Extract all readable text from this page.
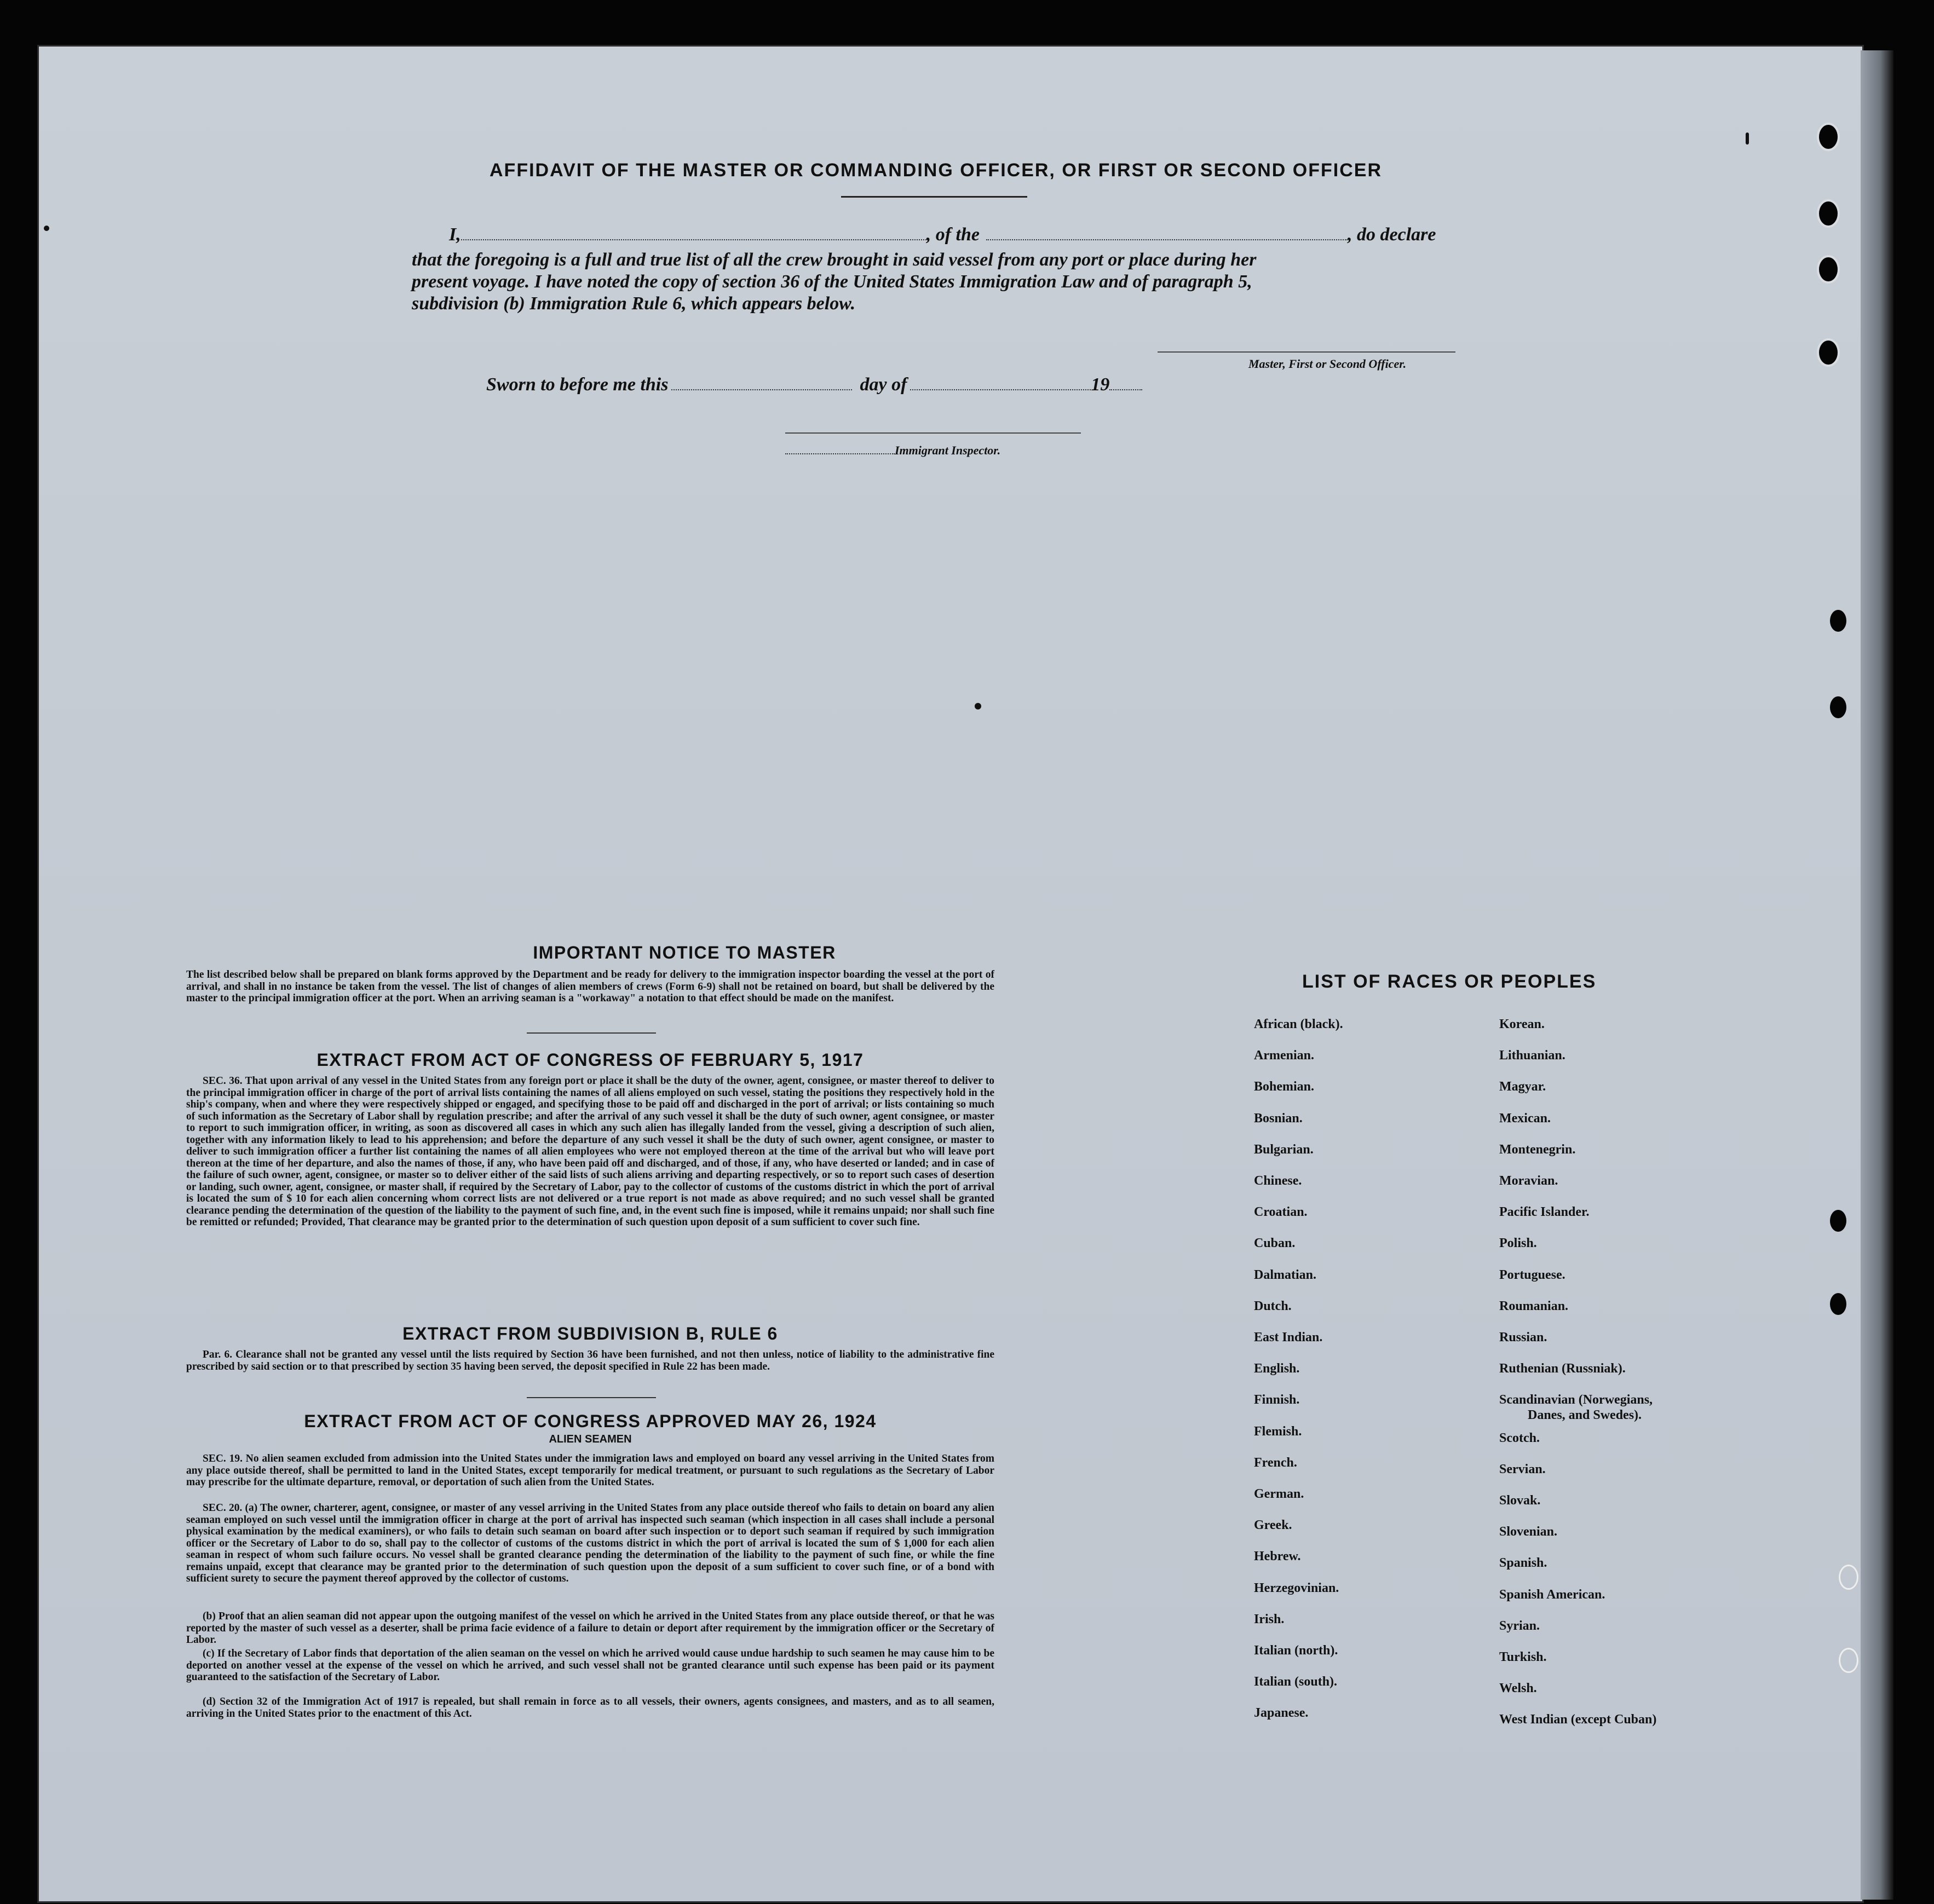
AFFIDAVIT OF THE MASTER OR COMMANDING OFFICER, OR FIRST OR SECOND OFFICER
I,	, of the	, do declare
that the foregoing is a full and true list of all the crew brought in said vessel from any port or place during her
present voyage. I have noted the copy of section 36 of the United States Immigration Law and of paragraph 5,
subdivision (b) Immigration Rule 6, which appears below.
Master, First or Second Officer.
Sworn to before me this	day of	19
Immigrant Inspector.
IMPORTANT NOTICE TO MASTER
The list described below shall be prepared on blank forms approved by the Department and be ready for delivery to the immigration inspector boarding the vessel at the port of arrival, and shall in no instance be taken from the vessel. The list of changes of alien members of crews (Form 6-9) shall not be retained on board, but shall be delivered by the master to the principal immigration officer at the port. When an arriving seaman is a "workaway" a notation to that effect should be made on the manifest.
EXTRACT FROM ACT OF CONGRESS OF FEBRUARY 5, 1917
SEC. 36. That upon arrival of any vessel in the United States from any foreign port or place it shall be the duty of the owner, agent, consignee, or master thereof to deliver to the principal immigration officer in charge of the port of arrival lists containing the names of all aliens employed on such vessel, stating the positions they respectively hold in the ship's company, when and where they were respectively shipped or engaged, and specifying those to be paid off and discharged in the port of arrival; or lists containing so much of such information as the Secretary of Labor shall by regulation prescribe; and after the arrival of any such vessel it shall be the duty of such owner, agent consignee, or master to report to such immigration officer, in writing, as soon as discovered all cases in which any such alien has illegally landed from the vessel, giving a description of such alien, together with any information likely to lead to his apprehension; and before the departure of any such vessel it shall be the duty of such owner, agent consignee, or master to deliver to such immigration officer a further list containing the names of all alien employees who were not employed thereon at the time of the arrival but who will leave port thereon at the time of her departure, and also the names of those, if any, who have been paid off and discharged, and of those, if any, who have deserted or landed; and in case of the failure of such owner, agent, consignee, or master so to deliver either of the said lists of such aliens arriving and departing respectively, or so to report such cases of desertion or landing, such owner, agent, consignee, or master shall, if required by the Secretary of Labor, pay to the collector of customs of the customs district in which the port of arrival is located the sum of $ 10 for each alien concerning whom correct lists are not delivered or a true report is not made as above required; and no such vessel shall be granted clearance pending the determination of the question of the liability to the payment of such fine, and, in the event such fine is imposed, while it remains unpaid; nor shall such fine be remitted or refunded; Provided, That clearance may be granted prior to the determination of such question upon deposit of a sum sufficient to cover such fine.
EXTRACT FROM SUBDIVISION B, RULE 6
Par. 6. Clearance shall not be granted any vessel until the lists required by Section 36 have been furnished, and not then unless, notice of liability to the administrative fine prescribed by said section or to that prescribed by section 35 having been served, the deposit specified in Rule 22 has been made.
EXTRACT FROM ACT OF CONGRESS APPROVED MAY 26, 1924
ALIEN SEAMEN
SEC. 19. No alien seamen excluded from admission into the United States under the immigration laws and employed on board any vessel arriving in the United States from any place outside thereof, shall be permitted to land in the United States, except temporarily for medical treatment, or pursuant to such regulations as the Secretary of Labor may prescribe for the ultimate departure, removal, or deportation of such alien from the United States.
SEC. 20. (a) The owner, charterer, agent, consignee, or master of any vessel arriving in the United States from any place outside thereof who fails to detain on board any alien seaman employed on such vessel until the immigration officer in charge at the port of arrival has inspected such seaman (which inspection in all cases shall include a personal physical examination by the medical examiners), or who fails to detain such seaman on board after such inspection or to deport such seaman if required by such immigration officer or the Secretary of Labor to do so, shall pay to the collector of customs of the customs district in which the port of arrival is located the sum of $ 1,000 for each alien seaman in respect of whom such failure occurs. No vessel shall be granted clearance pending the determination of the liability to the payment of such fine, or while the fine remains unpaid, except that clearance may be granted prior to the determination of such question upon the deposit of a sum sufficient to cover such fine, or of a bond with sufficient surety to secure the payment thereof approved by the collector of customs.
(b) Proof that an alien seaman did not appear upon the outgoing manifest of the vessel on which he arrived in the United States from any place outside thereof, or that he was reported by the master of such vessel as a deserter, shall be prima facie evidence of a failure to detain or deport after requirement by the immigration officer or the Secretary of Labor.
(c) If the Secretary of Labor finds that deportation of the alien seaman on the vessel on which he arrived would cause undue hardship to such seamen he may cause him to be deported on another vessel at the expense of the vessel on which he arrived, and such vessel shall not be granted clearance until such expense has been paid or its payment guaranteed to the satisfaction of the Secretary of Labor.
(d) Section 32 of the Immigration Act of 1917 is repealed, but shall remain in force as to all vessels, their owners, agents consignees, and masters, and as to all seamen, arriving in the United States prior to the enactment of this Act.
LIST OF RACES OR PEOPLES
African (black).
Armenian.
Bohemian.
Bosnian.
Bulgarian.
Chinese.
Croatian.
Cuban.
Dalmatian.
Dutch.
East Indian.
English.
Finnish.
Flemish.
French.
German.
Greek.
Hebrew.
Herzegovinian.
Irish.
Italian (north).
Italian (south).
Japanese.
Korean.
Lithuanian.
Magyar.
Mexican.
Montenegrin.
Moravian.
Pacific Islander.
Polish.
Portuguese.
Roumanian.
Russian.
Ruthenian (Russniak).
Scandinavian (Norwegians,
Danes, and Swedes).
Scotch.
Servian.
Slovak.
Slovenian.
Spanish.
Spanish American.
Syrian.
Turkish.
Welsh.
West Indian (except Cuban)
